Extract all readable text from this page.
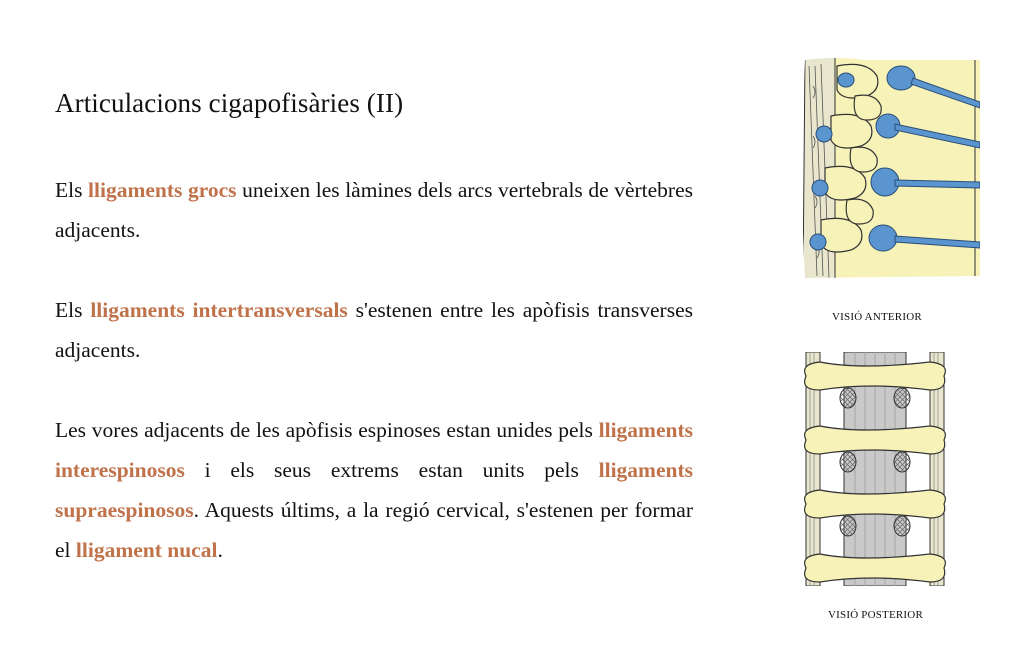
Articulacions cigapofisàries (II)

Els lligaments grocs uneixen les làmines dels arcs vertebrals de vèrtebres adjacents.

Els lligaments intertransversals s'estenen entre les apòfisis transverses adjacents.

Les vores adjacents de les apòfisis espinoses estan unides pels lligaments interespinosos i els seus extrems estan units pels lligaments supraespinosos. Aquests últims, a la regió cervical, s'estenen per formar el lligament nucal.

VISIÓ ANTERIOR
VISIÓ POSTERIOR
